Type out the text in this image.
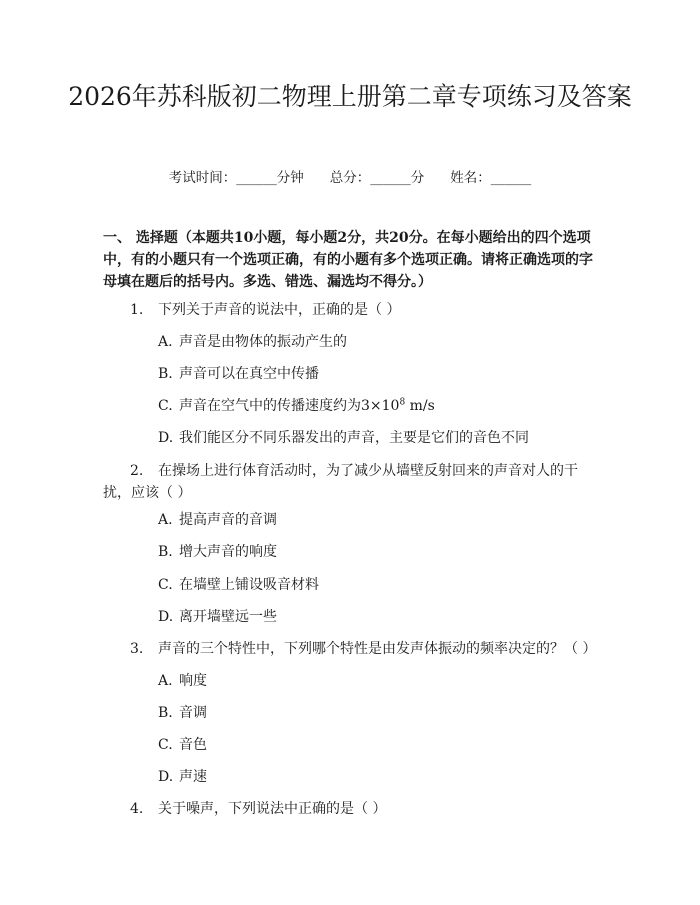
2026年苏科版初二物理上册第二章专项练习及答案
考试时间：______分钟 总分：______分 姓名：______

一、 选择题（本题共10小题，每小题2分，共20分。在每小题给出的四个选项中，有的小题只有一个选项正确，有的小题有多个选项正确。请将正确选项的字母填在题后的括号内。多选、错选、漏选均不得分。）

1. 下列关于声音的说法中，正确的是（ ）

A. 声音是由物体的振动产生的

B. 声音可以在真空中传播

C. 声音在空气中的传播速度约为$3\times 10^8$ m/s

D. 我们能区分不同乐器发出的声音，主要是它们的音色不同

2. 在操场上进行体育活动时，为了减少从墙壁反射回来的声音对人的干扰，应该（ ）

A. 提高声音的音调

B. 增大声音的响度

C. 在墙壁上铺设吸音材料

D. 离开墙壁远一些

3. 声音的三个特性中，下列哪个特性是由发声体振动的频率决定的？（ ）

A. 响度

B. 音调

C. 音色

D. 声速

4. 关于噪声，下列说法中正确的是（ ）
